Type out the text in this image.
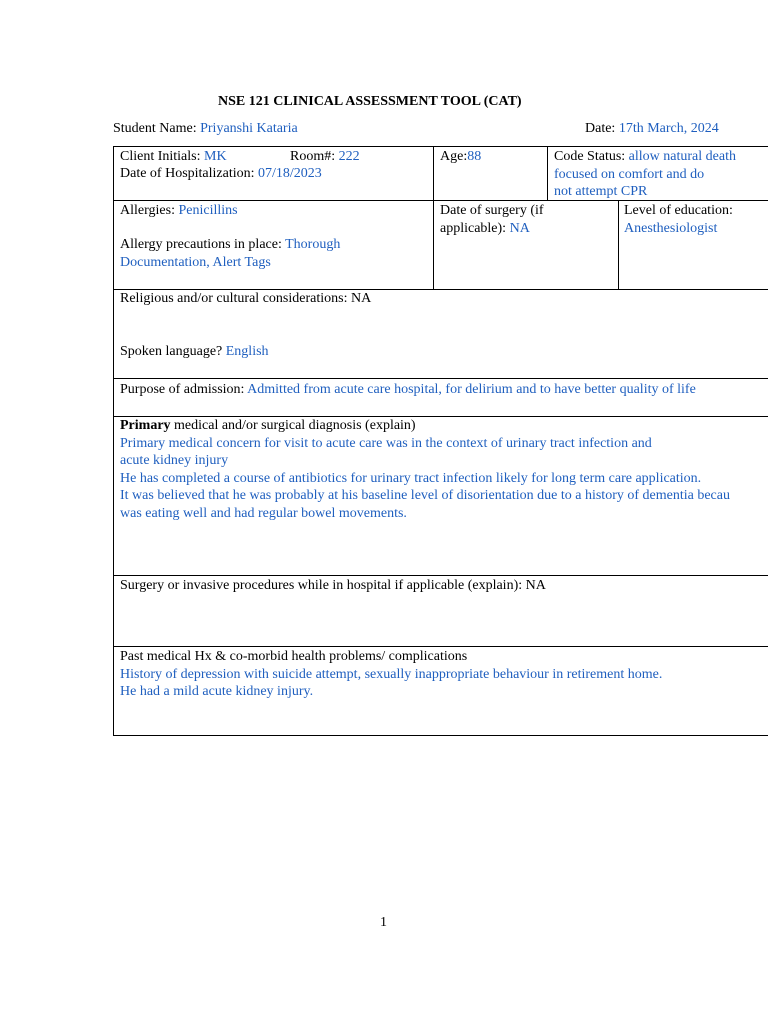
NSE 121 CLINICAL ASSESSMENT TOOL (CAT)
Student Name: Priyanshi Kataria	Date: 17th March, 2024
Client Initials: MK	Room#: 222
Date of Hospitalization: 07/18/2023
Age:88	Code Status: allow natural death
focused on comfort and do
not attempt CPR
Allergies: Penicillins
Allergy precautions in place: Thorough
Documentation, Alert Tags
Date of surgery (if
applicable): NA
Level of education:
Anesthesiologist
Religious and/or cultural considerations: NA
Spoken language? English
Purpose of admission: Admitted from acute care hospital, for delirium and to have better quality of life
Primary medical and/or surgical diagnosis (explain)
Primary medical concern for visit to acute care was in the context of urinary tract infection and
acute kidney injury
He has completed a course of antibiotics for urinary tract infection likely for long term care application.
It was believed that he was probably at his baseline level of disorientation due to a history of dementia becau
was eating well and had regular bowel movements.
Surgery or invasive procedures while in hospital if applicable (explain): NA
Past medical Hx & co-morbid health problems/ complications
History of depression with suicide attempt, sexually inappropriate behaviour in retirement home.
He had a mild acute kidney injury.
1
